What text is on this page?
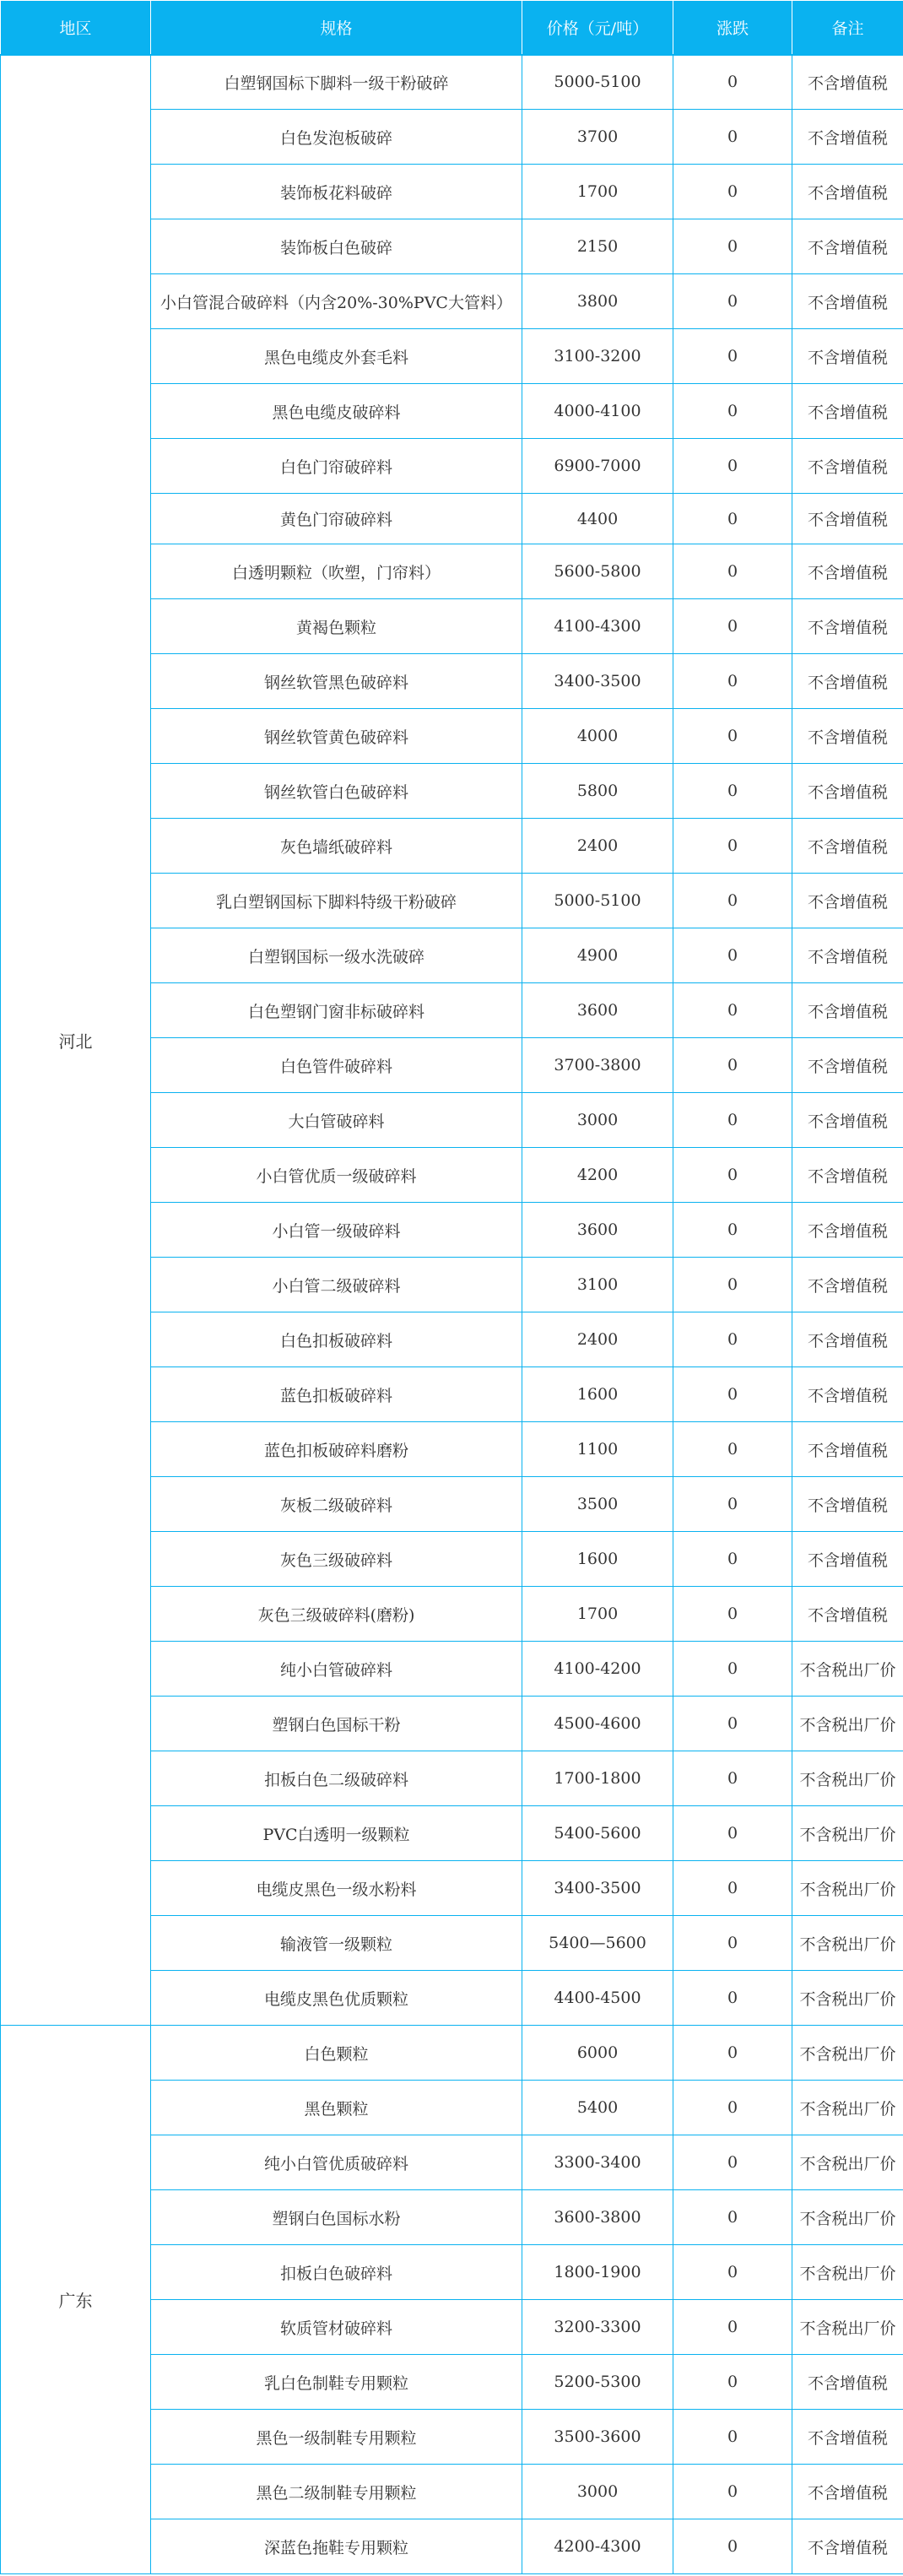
地区	规格	价格（元/吨）	涨跌	备注
河北	白塑钢国标下脚料一级干粉破碎	5000-5100	0	不含增值税
	白色发泡板破碎	3700	0	不含增值税
	装饰板花料破碎	1700	0	不含增值税
	装饰板白色破碎	2150	0	不含增值税
	小白管混合破碎料（内含20%-30%PVC大管料）	3800	0	不含增值税
	黑色电缆皮外套毛料	3100-3200	0	不含增值税
	黑色电缆皮破碎料	4000-4100	0	不含增值税
	白色门帘破碎料	6900-7000	0	不含增值税
	黄色门帘破碎料	4400	0	不含增值税
	白透明颗粒（吹塑，门帘料）	5600-5800	0	不含增值税
	黄褐色颗粒	4100-4300	0	不含增值税
	钢丝软管黑色破碎料	3400-3500	0	不含增值税
	钢丝软管黄色破碎料	4000	0	不含增值税
	钢丝软管白色破碎料	5800	0	不含增值税
	灰色墙纸破碎料	2400	0	不含增值税
	乳白塑钢国标下脚料特级干粉破碎	5000-5100	0	不含增值税
	白塑钢国标一级水洗破碎	4900	0	不含增值税
	白色塑钢门窗非标破碎料	3600	0	不含增值税
	白色管件破碎料	3700-3800	0	不含增值税
	大白管破碎料	3000	0	不含增值税
	小白管优质一级破碎料	4200	0	不含增值税
	小白管一级破碎料	3600	0	不含增值税
	小白管二级破碎料	3100	0	不含增值税
	白色扣板破碎料	2400	0	不含增值税
	蓝色扣板破碎料	1600	0	不含增值税
	蓝色扣板破碎料磨粉	1100	0	不含增值税
	灰板二级破碎料	3500	0	不含增值税
	灰色三级破碎料	1600	0	不含增值税
	灰色三级破碎料(磨粉)	1700	0	不含增值税
	纯小白管破碎料	4100-4200	0	不含税出厂价
	塑钢白色国标干粉	4500-4600	0	不含税出厂价
	扣板白色二级破碎料	1700-1800	0	不含税出厂价
	PVC白透明一级颗粒	5400-5600	0	不含税出厂价
	电缆皮黑色一级水粉料	3400-3500	0	不含税出厂价
	输液管一级颗粒	5400—5600	0	不含税出厂价
	电缆皮黑色优质颗粒	4400-4500	0	不含税出厂价
广东	白色颗粒	6000	0	不含税出厂价
	黑色颗粒	5400	0	不含税出厂价
	纯小白管优质破碎料	3300-3400	0	不含税出厂价
	塑钢白色国标水粉	3600-3800	0	不含税出厂价
	扣板白色破碎料	1800-1900	0	不含税出厂价
	软质管材破碎料	3200-3300	0	不含税出厂价
	乳白色制鞋专用颗粒	5200-5300	0	不含增值税
	黑色一级制鞋专用颗粒	3500-3600	0	不含增值税
	黑色二级制鞋专用颗粒	3000	0	不含增值税
	深蓝色拖鞋专用颗粒	4200-4300	0	不含增值税
